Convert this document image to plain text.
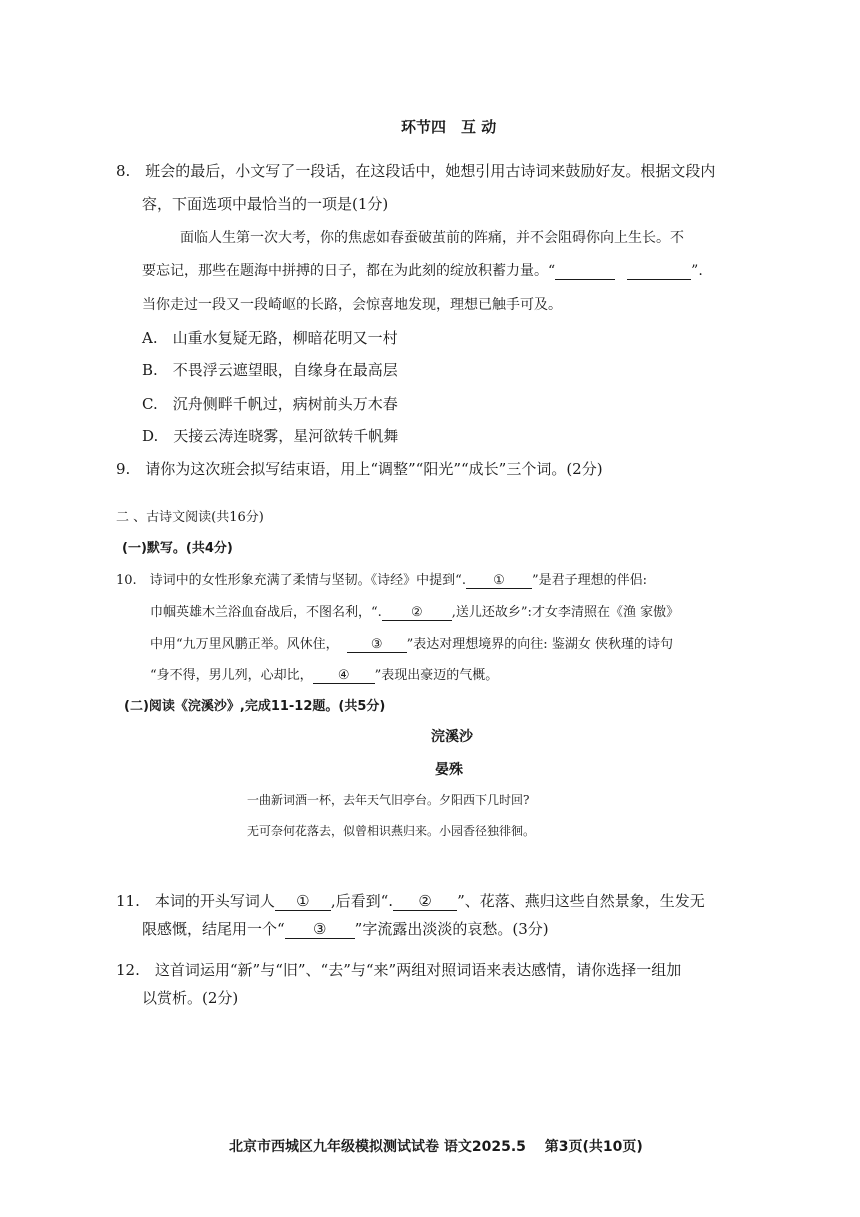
环节四　互 动
8.　班会的最后，小文写了一段话，在这段话中，她想引用古诗词来鼓励好友。根据文段内
容，下面选项中最恰当的一项是(1分)
面临人生第一次大考，你的焦虑如春蚕破茧前的阵痛，并不会阻碍你向上生长。不
要忘记，那些在题海中拼搏的日子，都在为此刻的绽放积蓄力量。“	”.
当你走过一段又一段崎岖的长路，会惊喜地发现，理想已触手可及。
A.　山重水复疑无路，柳暗花明又一村
B.　不畏浮云遮望眼，自缘身在最高层
C.　沉舟侧畔千帆过，病树前头万木春
D.　天接云涛连晓雾，星河欲转千帆舞
9.　请你为这次班会拟写结束语，用上“调整”“阳光”“成长”三个词。(2分)
二 、古诗文阅读(共16分)
(一)默写。(共4分)
10.　诗词中的女性形象充满了柔情与坚韧。《诗经》中提到“. ① ”是君子理想的伴侣:
巾帼英雄木兰浴血奋战后，不图名利，“. ② ,送儿还故乡”:才女李清照在《渔 家傲》
中用“九万里风鹏正举。风休住， ③ ”表达对理想境界的向往: 鉴湖女 侠秋瑾的诗句
“身不得，男儿列，心却比， ④ ”表现出豪迈的气概。
(二)阅读《浣溪沙》,完成11-12题。(共5分)
浣溪沙
晏殊
一曲新词酒一杯，去年天气旧亭台。夕阳西下几时回?
无可奈何花落去，似曾相识燕归来。小园香径独徘徊。
11.　本词的开头写词人 ① ,后看到“. ② ”、花落、燕归这些自然景象，生发无
限感慨，结尾用一个“ ③ ”字流露出淡淡的哀愁。(3分)
12.　这首词运用“新”与“旧”、“去”与“来”两组对照词语来表达感情，请你选择一组加
以赏析。(2分)
北京市西城区九年级模拟测试试卷 语文2025.5　 第3页(共10页)
